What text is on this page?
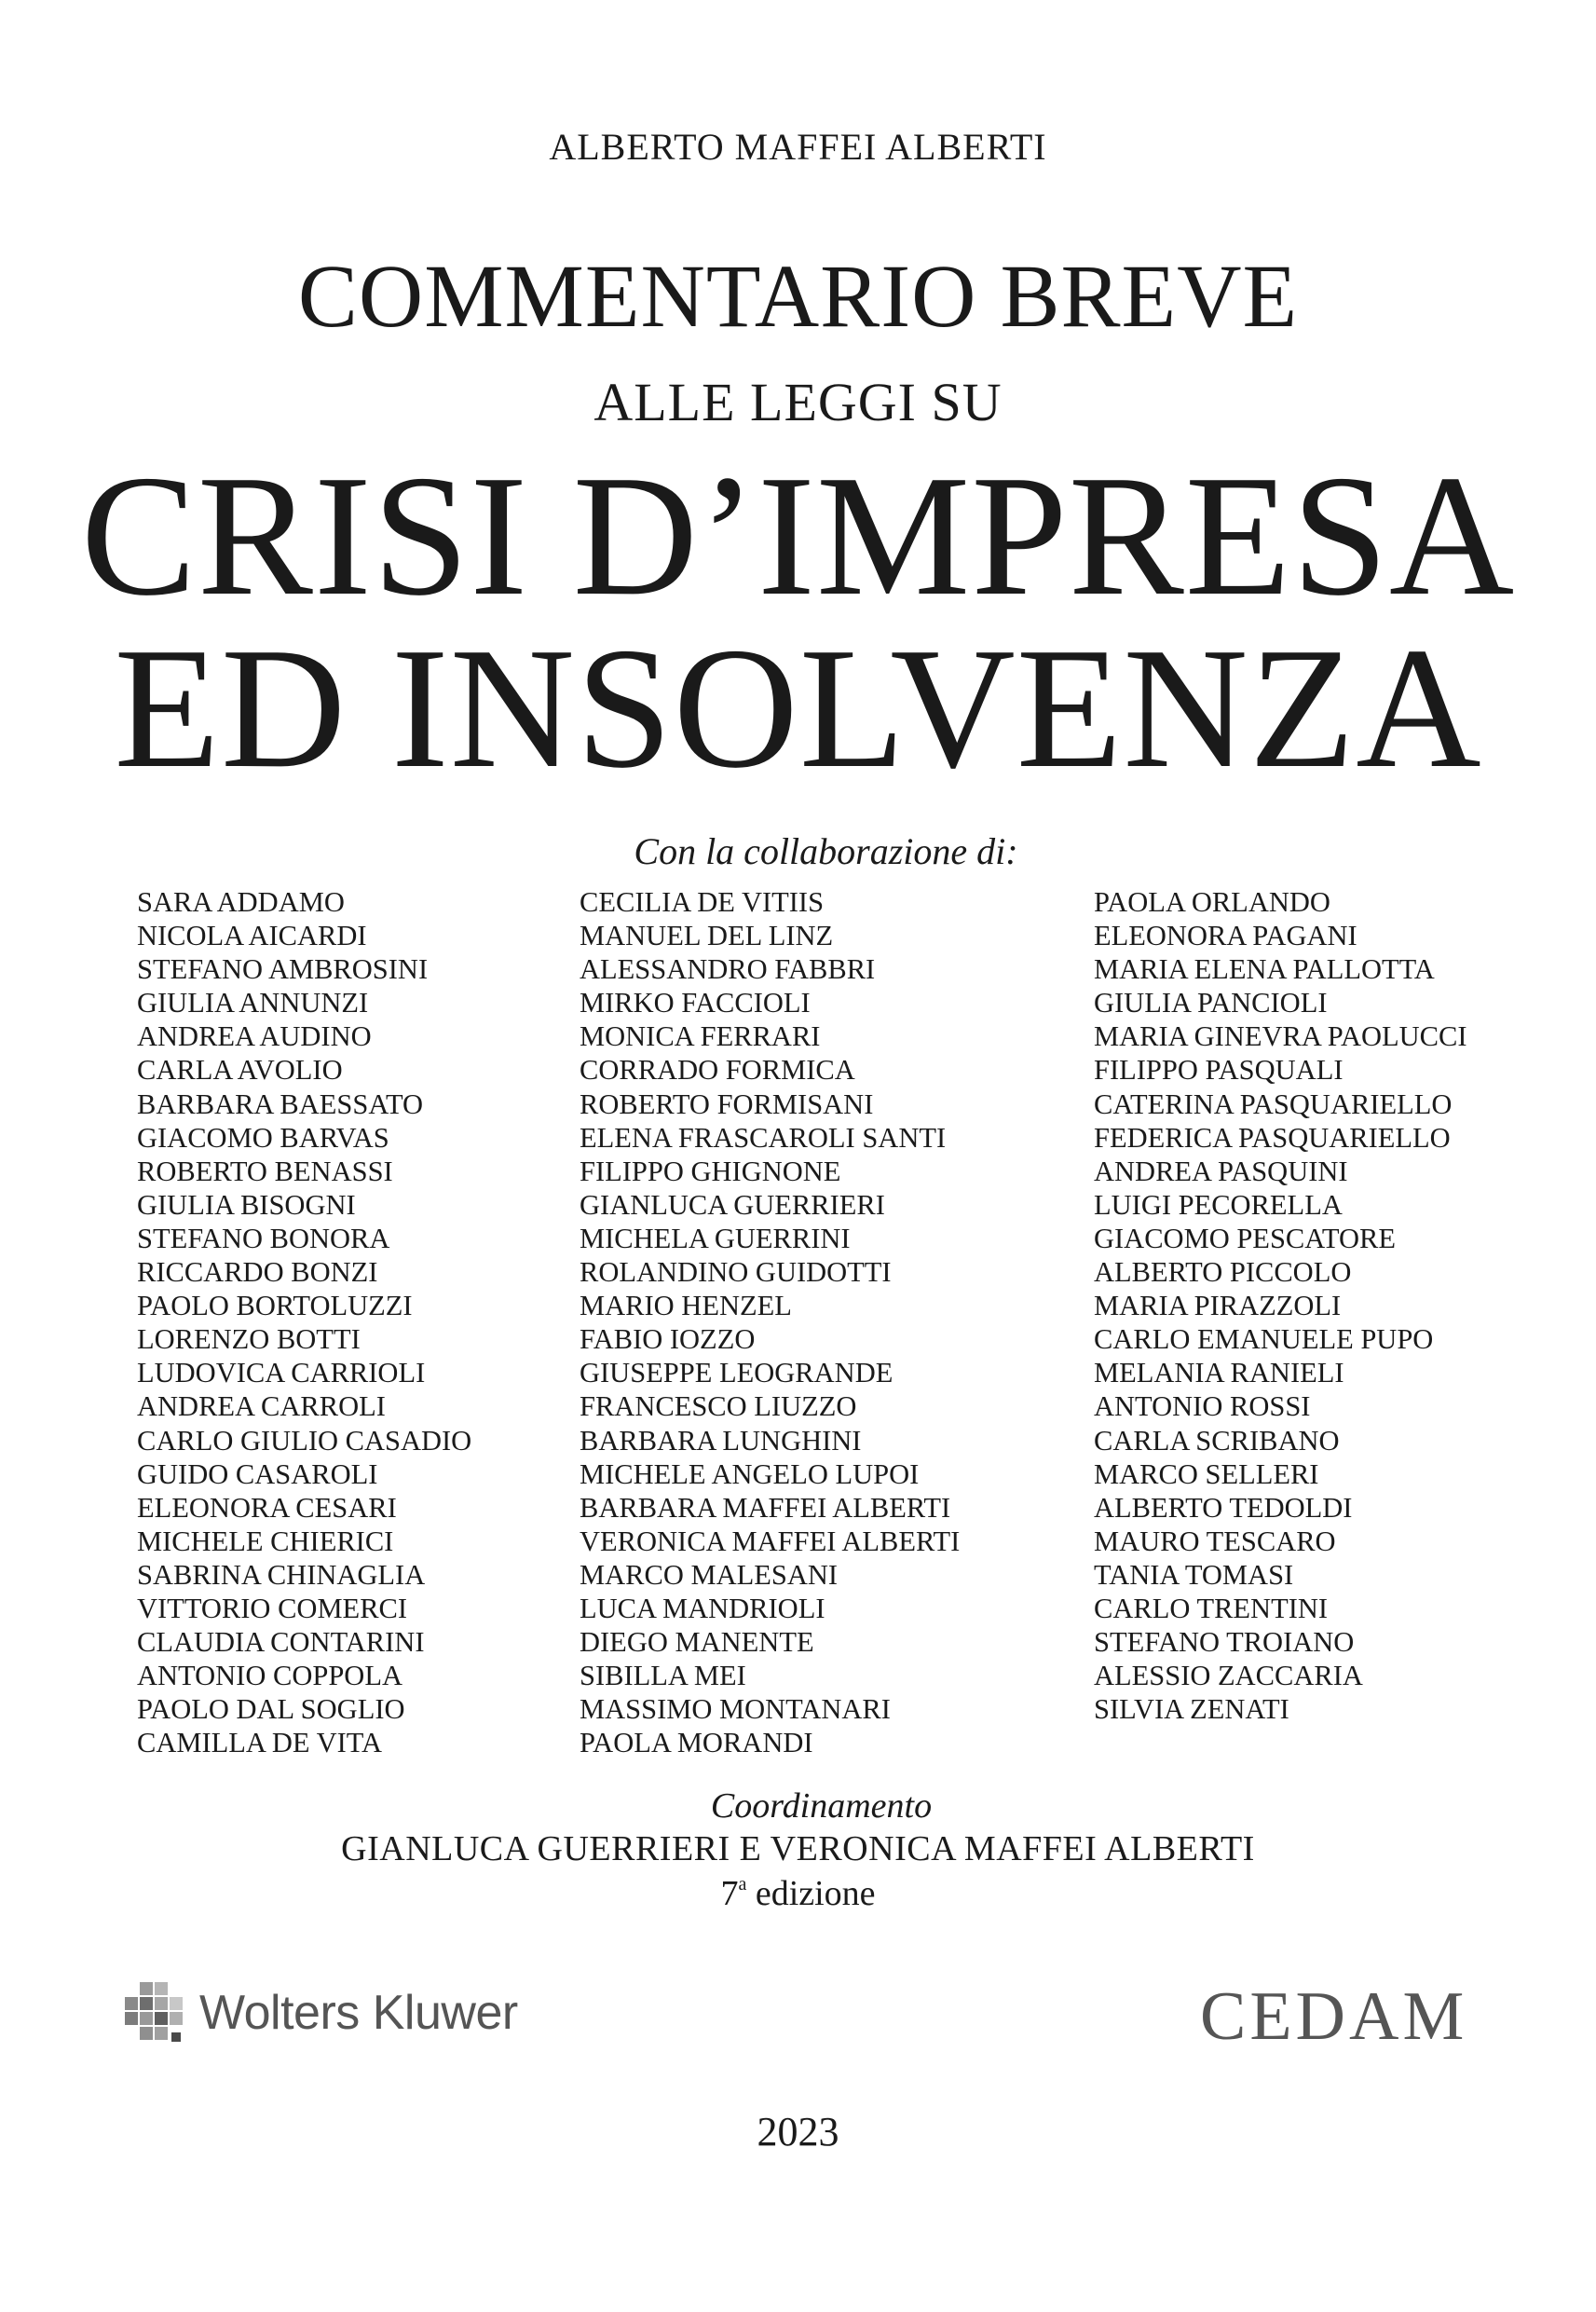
ALBERTO MAFFEI ALBERTI
COMMENTARIO BREVE
ALLE LEGGI SU
CRISI D’IMPRESA
ED INSOLVENZA
Con la collaborazione di:
SARA ADDAMO
NICOLA AICARDI
STEFANO AMBROSINI
GIULIA ANNUNZI
ANDREA AUDINO
CARLA AVOLIO
BARBARA BAESSATO
GIACOMO BARVAS
ROBERTO BENASSI
GIULIA BISOGNI
STEFANO BONORA
RICCARDO BONZI
PAOLO BORTOLUZZI
LORENZO BOTTI
LUDOVICA CARRIOLI
ANDREA CARROLI
CARLO GIULIO CASADIO
GUIDO CASAROLI
ELEONORA CESARI
MICHELE CHIERICI
SABRINA CHINAGLIA
VITTORIO COMERCI
CLAUDIA CONTARINI
ANTONIO COPPOLA
PAOLO DAL SOGLIO
CAMILLA DE VITA
CECILIA DE VITIIS
MANUEL DEL LINZ
ALESSANDRO FABBRI
MIRKO FACCIOLI
MONICA FERRARI
CORRADO FORMICA
ROBERTO FORMISANI
ELENA FRASCAROLI SANTI
FILIPPO GHIGNONE
GIANLUCA GUERRIERI
MICHELA GUERRINI
ROLANDINO GUIDOTTI
MARIO HENZEL
FABIO IOZZO
GIUSEPPE LEOGRANDE
FRANCESCO LIUZZO
BARBARA LUNGHINI
MICHELE ANGELO LUPOI
BARBARA MAFFEI ALBERTI
VERONICA MAFFEI ALBERTI
MARCO MALESANI
LUCA MANDRIOLI
DIEGO MANENTE
SIBILLA MEI
MASSIMO MONTANARI
PAOLA MORANDI
PAOLA ORLANDO
ELEONORA PAGANI
MARIA ELENA PALLOTTA
GIULIA PANCIOLI
MARIA GINEVRA PAOLUCCI
FILIPPO PASQUALI
CATERINA PASQUARIELLO
FEDERICA PASQUARIELLO
ANDREA PASQUINI
LUIGI PECORELLA
GIACOMO PESCATORE
ALBERTO PICCOLO
MARIA PIRAZZOLI
CARLO EMANUELE PUPO
MELANIA RANIELI
ANTONIO ROSSI
CARLA SCRIBANO
MARCO SELLERI
ALBERTO TEDOLDI
MAURO TESCARO
TANIA TOMASI
CARLO TRENTINI
STEFANO TROIANO
ALESSIO ZACCARIA
SILVIA ZENATI
Coordinamento
GIANLUCA GUERRIERI E VERONICA MAFFEI ALBERTI
7$^a$ edizione
Wolters Kluwer	CEDAM
2023
